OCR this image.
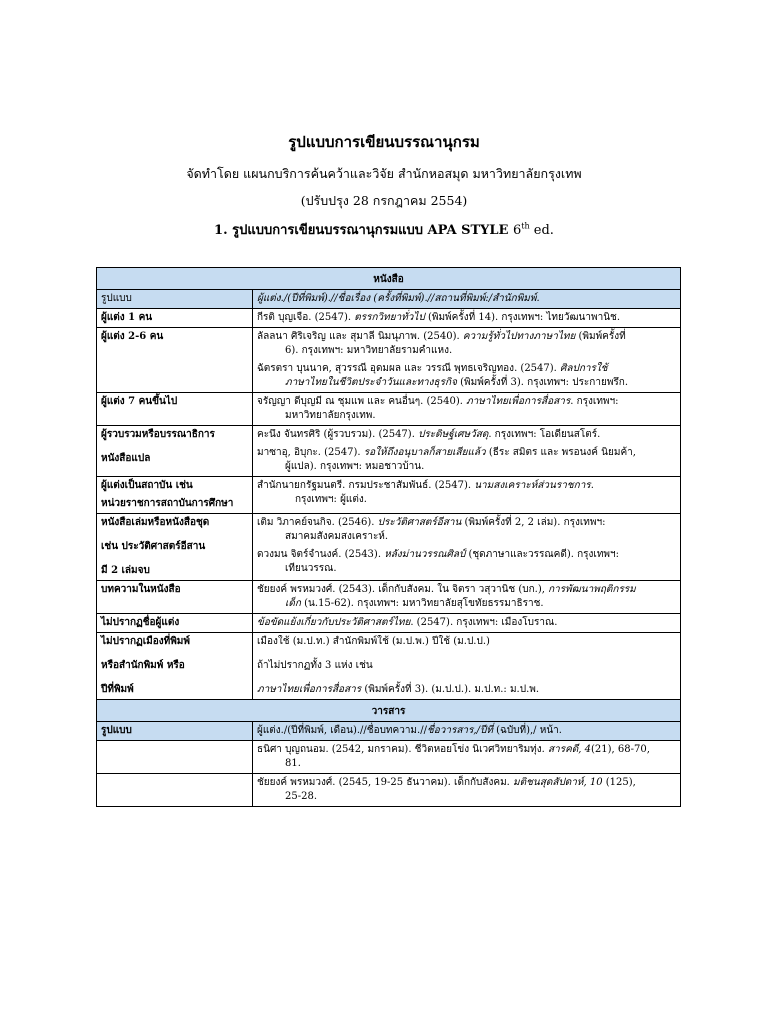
รูปแบบการเขียนบรรณานุกรม
จัดทำโดย แผนกบริการค้นคว้าและวิจัย สำนักหอสมุด มหาวิทยาลัยกรุงเทพ
(ปรับปรุง 28 กรกฎาคม 2554)
1. รูปแบบการเขียนบรรณานุกรมแบบ APA STYLE 6th ed.
หนังสือ	
รูปแบบ	ผู้แต่ง./(ปีที่พิมพ์).//ชื่อเรื่อง (ครั้งที่พิมพ์).//สถานที่พิมพ์:/สำนักพิมพ์.
ผู้แต่ง 1 คน	กีรติ บุญเจือ. (2547). ตรรกวิทยาทั่วไป (พิมพ์ครั้งที่ 14). กรุงเทพฯ: ไทยวัฒนาพานิช.
ผู้แต่ง 2-6 คน	ลัลลนา ศิริเจริญ และ สุมาลี นิมนุภาพ. (2540). ความรู้ทั่วไปทางภาษาไทย (พิมพ์ครั้งที่
6). กรุงเทพฯ: มหาวิทยาลัยรามคำแหง.
ฉัตรตรา บุนนาค, สุวรรณี อุดมผล และ วรรณี พุทธเจริญทอง. (2547). ศิลปการใช้
ภาษาไทยในชีวิตประจำวันและทางธุรกิจ (พิมพ์ครั้งที่ 3). กรุงเทพฯ: ประกายพรึก.

ผู้แต่ง 7 คนขึ้นไป	จรัญญา ดีบุญมี ณ ชุมแพ และ คนอื่นๆ. (2540). ภาษาไทยเพื่อการสื่อสาร. กรุงเทพฯ:
มหาวิทยาลัยกรุงเทพ.

ผู้รวบรวมหรือบรรณาธิการ
หนังสือแปล	คะนึง จันทรศิริ (ผู้รวบรวม). (2547). ประดิษฐ์เศษวัสดุ. กรุงเทพฯ: โอเดียนสโตร์.
มาซาอุ, อิบุกะ. (2547). รอให้ถึงอนุบาลก็สายเสียแล้ว (ธีระ สมิตร และ พรอนงค์ นิยมค้า,
ผู้แปล). กรุงเทพฯ: หมอชาวบ้าน.

ผู้แต่งเป็นสถาบัน เช่น
หน่วยราชการสถาบันการศึกษา	สำนักนายกรัฐมนตรี. กรมประชาสัมพันธ์. (2547). นามสงเคราะห์ส่วนราชการ.
กรุงเทพฯ: ผู้แต่ง.

หนังสือเล่มหรือหนังสือชุด
เช่น ประวัติศาสตร์อีสาน
มี 2 เล่มจบ	เติม วิภาคย์จนกิจ. (2546). ประวัติศาสตร์อีสาน (พิมพ์ครั้งที่ 2, 2 เล่ม). กรุงเทพฯ:
สมาคมสังคมสงเคราะห์.
ดวงมน จิตร์จำนงค์. (2543). หลังม่านวรรณศิลป์ (ชุดภาษาและวรรณคดี). กรุงเทพฯ:
เทียนวรรณ.

บทความในหนังสือ	ชัยยงค์ พรหมวงศ์. (2543). เด็กกับสังคม. ใน จิตรา วสุวานิช (บก.), การพัฒนาพฤติกรรม
เด็ก (น.15-62). กรุงเทพฯ: มหาวิทยาลัยสุโขทัยธรรมาธิราช.

ไม่ปรากฏชื่อผู้แต่ง	ข้อขัดแย้งเกี่ยวกับประวัติศาสตร์ไทย. (2547). กรุงเทพฯ: เมืองโบราณ.

ไม่ปรากฏเมืองที่พิมพ์
หรือสำนักพิมพ์ หรือ
ปีที่พิมพ์	เมืองใช้ (ม.ป.ท.) สำนักพิมพ์ใช้ (ม.ป.พ.) ปีใช้ (ม.ป.ป.)
ถ้าไม่ปรากฏทั้ง 3 แห่ง เช่น
ภาษาไทยเพื่อการสื่อสาร (พิมพ์ครั้งที่ 3). (ม.ป.ป.). ม.ป.ท.: ม.ป.พ.

วารสาร	
รูปแบบ	ผู้แต่ง./(ปีที่พิมพ์, เดือน).//ชื่อบทความ.//ชื่อวารสาร,/ปีที่ (ฉบับที่),/ หน้า.

	ธนิศา บุญถนอม. (2542, มกราคม). ชีวิตหอยโข่ง นิเวศวิทยาริมทุ่ง. สารคดี, 4(21), 68-70,
81.

	ชัยยงค์ พรหมวงศ์. (2545, 19-25 ธันวาคม). เด็กกับสังคม. มติชนสุดสัปดาห์, 10 (125),
25-28.
